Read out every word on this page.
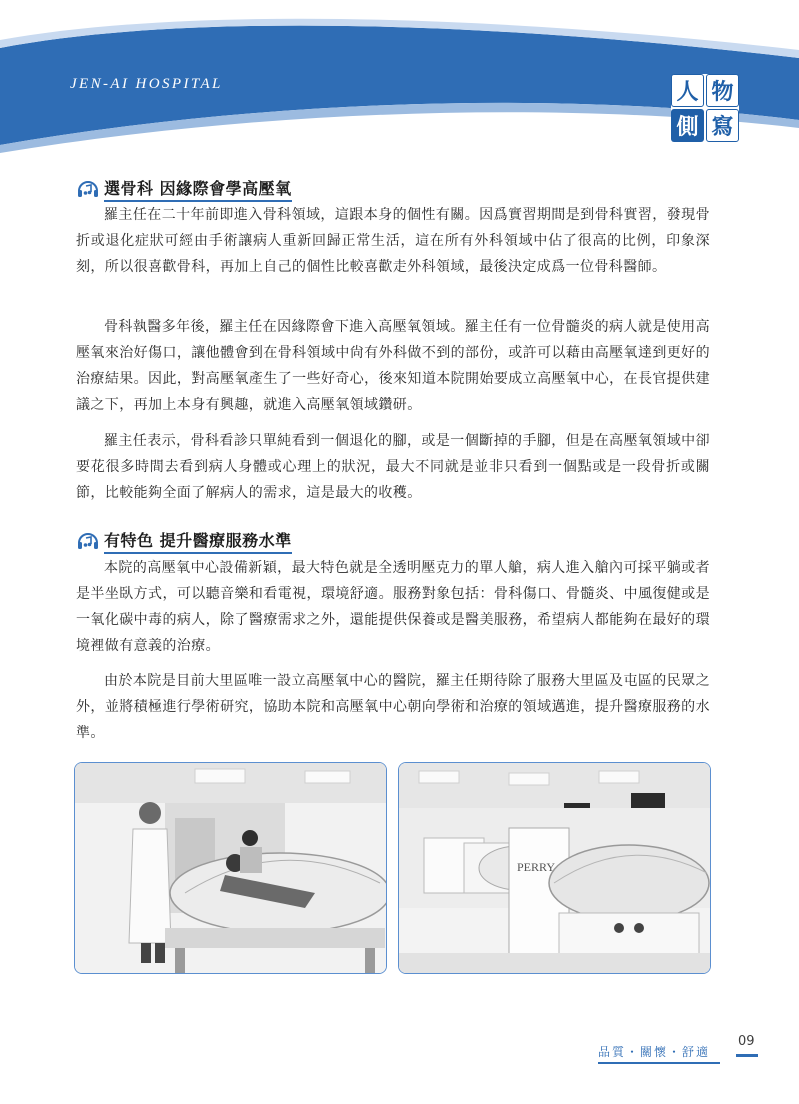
JEN-AI HOSPITAL	人 物
側 寫
選骨科 因緣際會學高壓氧

羅主任在二十年前即進入骨科領域，這跟本身的個性有關。因爲實習期間是到骨科實習，發現骨折或退化症狀可經由手術讓病人重新回歸正常生活，這在所有外科領域中佔了很高的比例，印象深刻，所以很喜歡骨科，再加上自己的個性比較喜歡走外科領域，最後決定成爲一位骨科醫師。

骨科執醫多年後，羅主任在因緣際會下進入高壓氧領域。羅主任有一位骨髓炎的病人就是使用高壓氧來治好傷口，讓他體會到在骨科領域中尙有外科做不到的部份，或許可以藉由高壓氧達到更好的治療結果。因此，對高壓氧產生了一些好奇心，後來知道本院開始要成立高壓氧中心，在長官提供建議之下，再加上本身有興趣，就進入高壓氧領域鑽研。

羅主任表示，骨科看診只單純看到一個退化的腳，或是一個斷掉的手腳，但是在高壓氧領域中卻要花很多時間去看到病人身體或心理上的狀況，最大不同就是並非只看到一個點或是一段骨折或關節，比較能夠全面了解病人的需求，這是最大的收穫。

有特色 提升醫療服務水準

本院的高壓氧中心設備新穎，最大特色就是全透明壓克力的單人艙，病人進入艙內可採平躺或者是半坐臥方式，可以聽音樂和看電視，環境舒適。服務對象包括：骨科傷口、骨髓炎、中風復健或是一氧化碳中毒的病人，除了醫療需求之外，還能提供保養或是醫美服務，希望病人都能夠在最好的環境裡做有意義的治療。

由於本院是目前大里區唯一設立高壓氧中心的醫院，羅主任期待除了服務大里區及屯區的民眾之外，並將積極進行學術研究，協助本院和高壓氧中心朝向學術和治療的領域邁進，提升醫療服務的水準。

PERRY
品質・關懷・舒適
09
